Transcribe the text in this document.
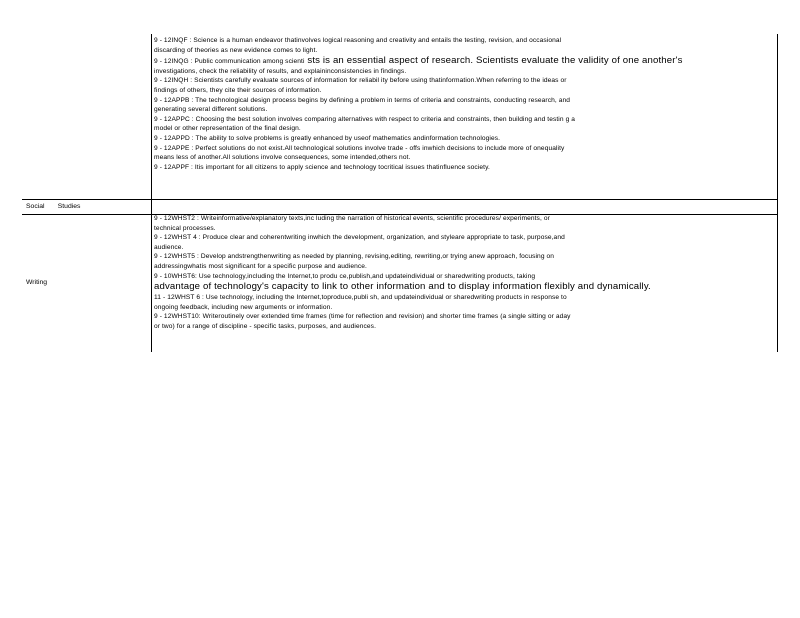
9 - 12INQF : Science is a human endeavor thatinvolves logical reasoning and creativity and entails the testing, revision, and occasional
discarding of theories as new evidence comes to light.
9 - 12INQG : Public communication among scienti sts is an essential aspect of research. Scientists evaluate the validity of one another's
investigations, check the reliability of results, and explaininconsistencies in findings.
9 - 12INQH : Scientists carefully evaluate sources of information for reliabil ity before using thatinformation.When referring to the ideas or
findings of others, they cite their sources of information.
9 - 12APPB : The technological design process begins by defining a problem in terms of criteria and constraints, conducting research, and
generating several different solutions.
9 - 12APPC : Choosing the best solution involves comparing alternatives with respect to criteria and constraints, then building and testin g a
model or other representation of the final design.
9 - 12APPD : The ability to solve problems is greatly enhanced by useof mathematics andinformation technologies.
9 - 12APPE : Perfect solutions do not exist.All technological solutions involve trade - offs inwhich decisions to include more of onequality
means less of another.All solutions involve consequences, some intended,others not.
9 - 12APPF : Itis important for all citizens to apply science and technology tocritical issues thatinfluence society.
Social Studies
Writing
9 - 12WHST2 : Writeinformative/explanatory texts,inc luding the narration of historical events, scientific procedures/ experiments, or
technical processes.
9 - 12WHST 4 : Produce clear and coherentwriting inwhich the development, organization, and styleare appropriate to task, purpose,and
audience.
9 - 12WHST5 : Develop andstrengthenwriting as needed by planning, revising,editing, rewriting,or trying anew approach, focusing on
addressingwhatis most significant for a specific purpose and audience.
9 - 10WHST6: Use technology,including the Internet,to produ ce,publish,and updateindividual or sharedwriting products, taking
advantage of technology's capacity to link to other information and to display information flexibly and dynamically.
11 - 12WHST 6 : Use technology, including the Internet,toproduce,publi sh, and updateindividual or sharedwriting products in response to
ongoing feedback, including new arguments or information.
9 - 12WHST10: Writeroutinely over extended time frames (time for reflection and revision) and shorter time frames (a single sitting or aday
or two) for a range of discipline - specific tasks, purposes, and audiences.
